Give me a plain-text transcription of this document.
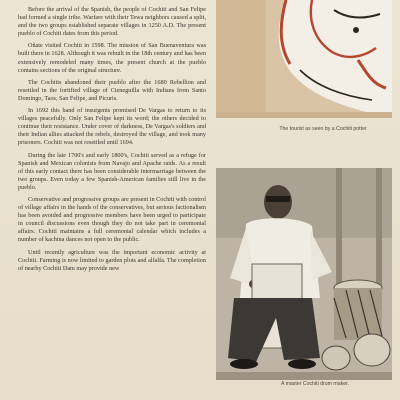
Before the arrival of the Spanish, the people of Cochiti and San Felipe had formed a single tribe. Warfare with their Tewa neighbors caused a split, and the two groups established separate villages in 1250 A.D. The present pueblo of Cochiti dates from this period.

Oñate visited Cochiti in 1598. The mission of San Buenaventura was built there in 1628. Although it was rebuilt in the 18th century and has been extensively remodeled many times, the present church at the pueblo contains sections of the original structure.

The Cochitis abandoned their pueblo after the 1680 Rebellion and resettled in the fortified village of Cieneguilla with Indians from Santo Domingo, Taos, San Felipe, and Picuris.

In 1692 this band of insurgents promised De Vargas to return to its villages peacefully. Only San Felipe kept its word; the others decided to continue their resistance. Under cover of darkness, De Vargas's soldiers and their Indian allies attacked the rebels, destroyed the village, and took many prisoners. Cochiti was not resettled until 1694.

During the late 1700's and early 1800's, Cochiti served as a refuge for Spanish and Mexican colonists from Navajo and Apache raids. As a result of this early contact there has been considerable intermarriage between the two groups. Even today a few Spanish-American families still live in the pueblo.

Conservative and progressive groups are present in Cochiti with control of village affairs in the hands of the conservatives, but serious factionalism has been avoided and progressive members have been urged to participate in council discussions even though they do not take part in ceremonial affairs. Cochiti maintains a full ceremonial calendar which includes a number of kachina dances not open to the public.

Until recently agriculture was the important economic activity at Cochiti. Farming is now limited to garden plots and alfalfa. The completion of nearby Cochiti Dam may provide new

The tourist as seen by a Cochiti potter
A master Cochiti drum maker.
